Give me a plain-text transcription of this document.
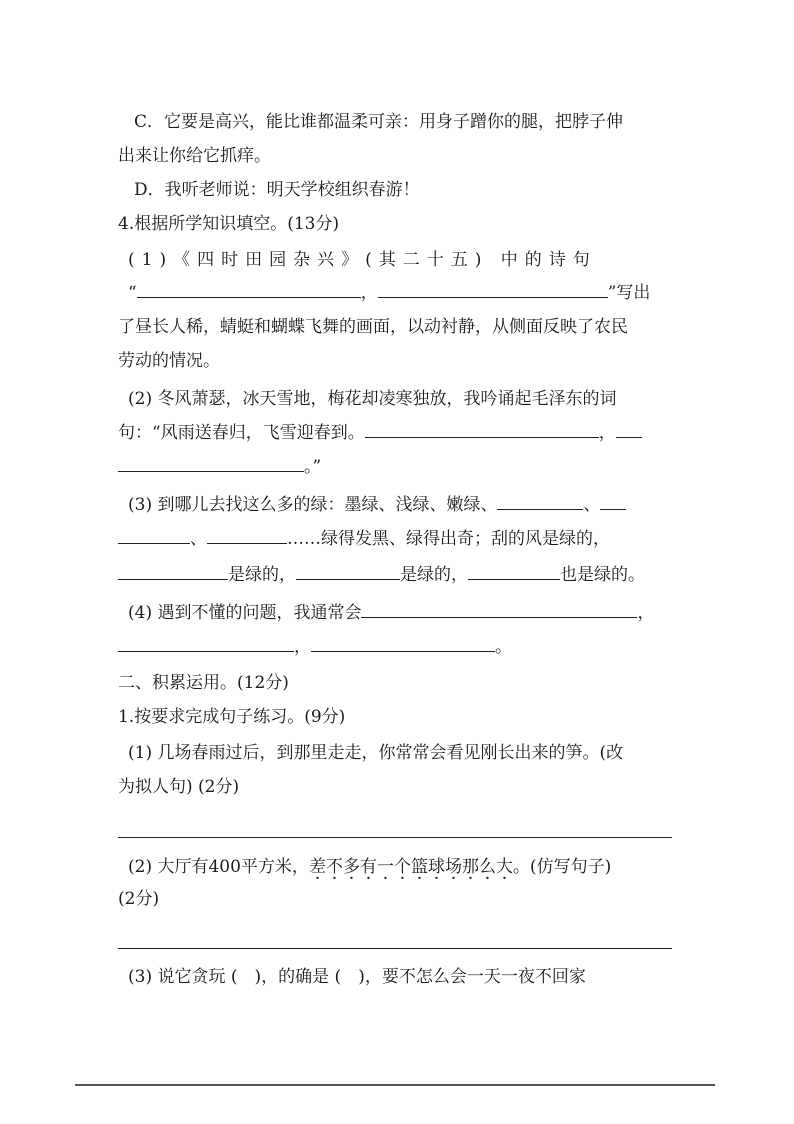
C．它要是高兴，能比谁都温柔可亲：用身子蹭你的腿，把脖子伸
出来让你给它抓痒。
D．我听老师说：明天学校组织春游！
4.根据所学知识填空。(13分)
(1)《四时田园杂兴》(其二十五) 中的诗句
“	，	”写出
了昼长人稀，蜻蜓和蝴蝶飞舞的画面，以动衬静，从侧面反映了农民
劳动的情况。
(2) 冬风萧瑟，冰天雪地，梅花却凌寒独放，我吟诵起毛泽东的词
句：“风雨送春归，飞雪迎春到。	，
。”
(3) 到哪儿去找这么多的绿：墨绿、浅绿、嫩绿、	、
、	……绿得发黑、绿得出奇；刮的风是绿的，
是绿的，	是绿的，	也是绿的。
(4) 遇到不懂的问题，我通常会	，
，	。
二、积累运用。(12分)
1.按要求完成句子练习。(9分)
(1) 几场春雨过后，到那里走走，你常常会看见刚长出来的笋。(改
为拟人句) (2分)
(2) 大厅有400平方米，差不多有一个篮球场那么大。(仿写句子)
(2分)
(3) 说它贪玩 (　)，的确是 (　)，要不怎么会一天一夜不回家
